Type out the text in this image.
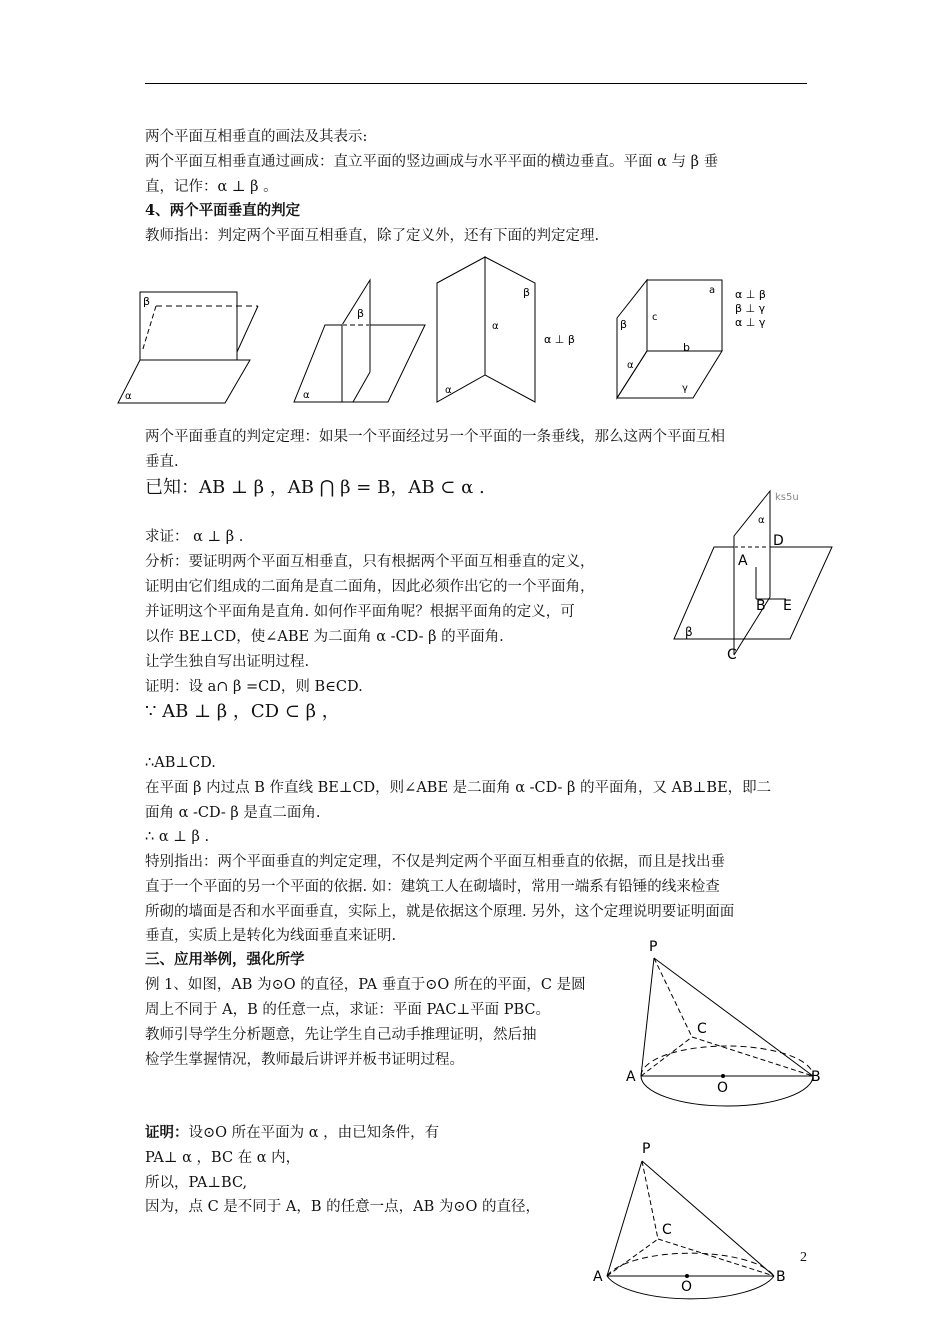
两个平面互相垂直的画法及其表示:
两个平面互相垂直通过画成：直立平面的竖边画成与水平平面的横边垂直。平面 α 与 β 垂
直，记作：α ⊥ β 。
4、两个平面垂直的判定
教师指出：判定两个平面互相垂直，除了定义外，还有下面的判定定理.
β
α
β
α
β
α
α
α ⊥ β
a
c
b
β
α
γ
α ⊥ β
β ⊥ γ
α ⊥ γ
两个平面垂直的判定定理：如果一个平面经过另一个平面的一条垂线，那么这两个平面互相
垂直.
已知：AB ⊥ β ，AB ⋂ β = B，AB ⊂ α .
求证： α ⊥ β .
分析：要证明两个平面互相垂直，只有根据两个平面互相垂直的定义，
证明由它们组成的二面角是直二面角，因此必须作出它的一个平面角，
并证明这个平面角是直角. 如何作平面角呢？根据平面角的定义，可
以作 BE⊥CD，使∠ABE 为二面角 α -CD- β 的平面角.
让学生独自写出证明过程.
证明：设 a∩ β =CD，则 B∈CD.
∵ AB ⊥ β ，CD ⊂ β ，
ks5u
α
A
D
B E
β
C
∴AB⊥CD.
在平面 β 内过点 B 作直线 BE⊥CD，则∠ABE 是二面角 α -CD- β 的平面角，又 AB⊥BE，即二
面角 α -CD- β 是直二面角.
∴ α ⊥ β .
特别指出：两个平面垂直的判定定理，不仅是判定两个平面互相垂直的依据，而且是找出垂
直于一个平面的另一个平面的依据. 如：建筑工人在砌墙时，常用一端系有铅锤的线来检查
所砌的墙面是否和水平面垂直，实际上，就是依据这个原理. 另外，这个定理说明要证明面面
垂直，实质上是转化为线面垂直来证明.
三、应用举例，强化所学
例 1、如图，AB 为⊙O 的直径，PA 垂直于⊙O 所在的平面，C 是圆
周上不同于 A，B 的任意一点，求证：平面 PAC⊥平面 PBC。
教师引导学生分析题意，先让学生自己动手推理证明，然后抽
检学生掌握情况，教师最后讲评并板书证明过程。
P
C
A
O
B
证明：设⊙O 所在平面为 α ，由已知条件，有
PA⊥ α ，BC 在 α 内，
所以，PA⊥BC,
因为，点 C 是不同于 A，B 的任意一点，AB 为⊙O 的直径，
P
C
A
O
B
2
